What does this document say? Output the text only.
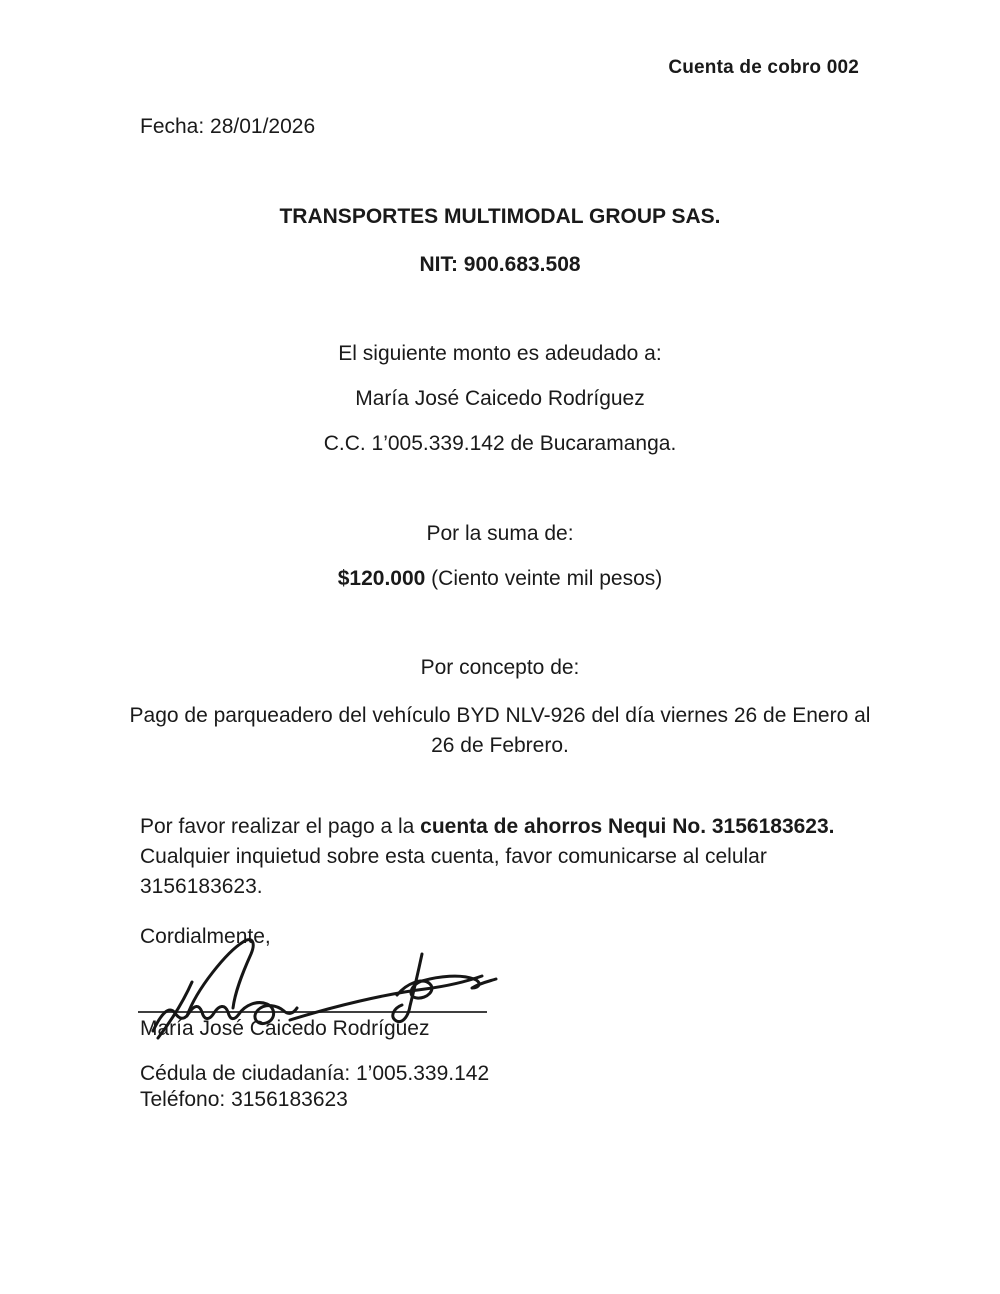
Cuenta de cobro 002
Fecha: 28/01/2026
TRANSPORTES MULTIMODAL GROUP SAS.
NIT: 900.683.508
El siguiente monto es adeudado a:
María José Caicedo Rodríguez
C.C. 1’005.339.142 de Bucaramanga.
Por la suma de:
$120.000 (Ciento veinte mil pesos)
Por concepto de:
Pago de parqueadero del vehículo BYD NLV-926 del día viernes 26 de Enero al 26 de Febrero.
Por favor realizar el pago a la cuenta de ahorros Nequi No. 3156183623.
Cualquier inquietud sobre esta cuenta, favor comunicarse al celular 3156183623.
Cordialmente,
María José Caicedo Rodríguez
Cédula de ciudadanía: 1’005.339.142
Teléfono: 3156183623
